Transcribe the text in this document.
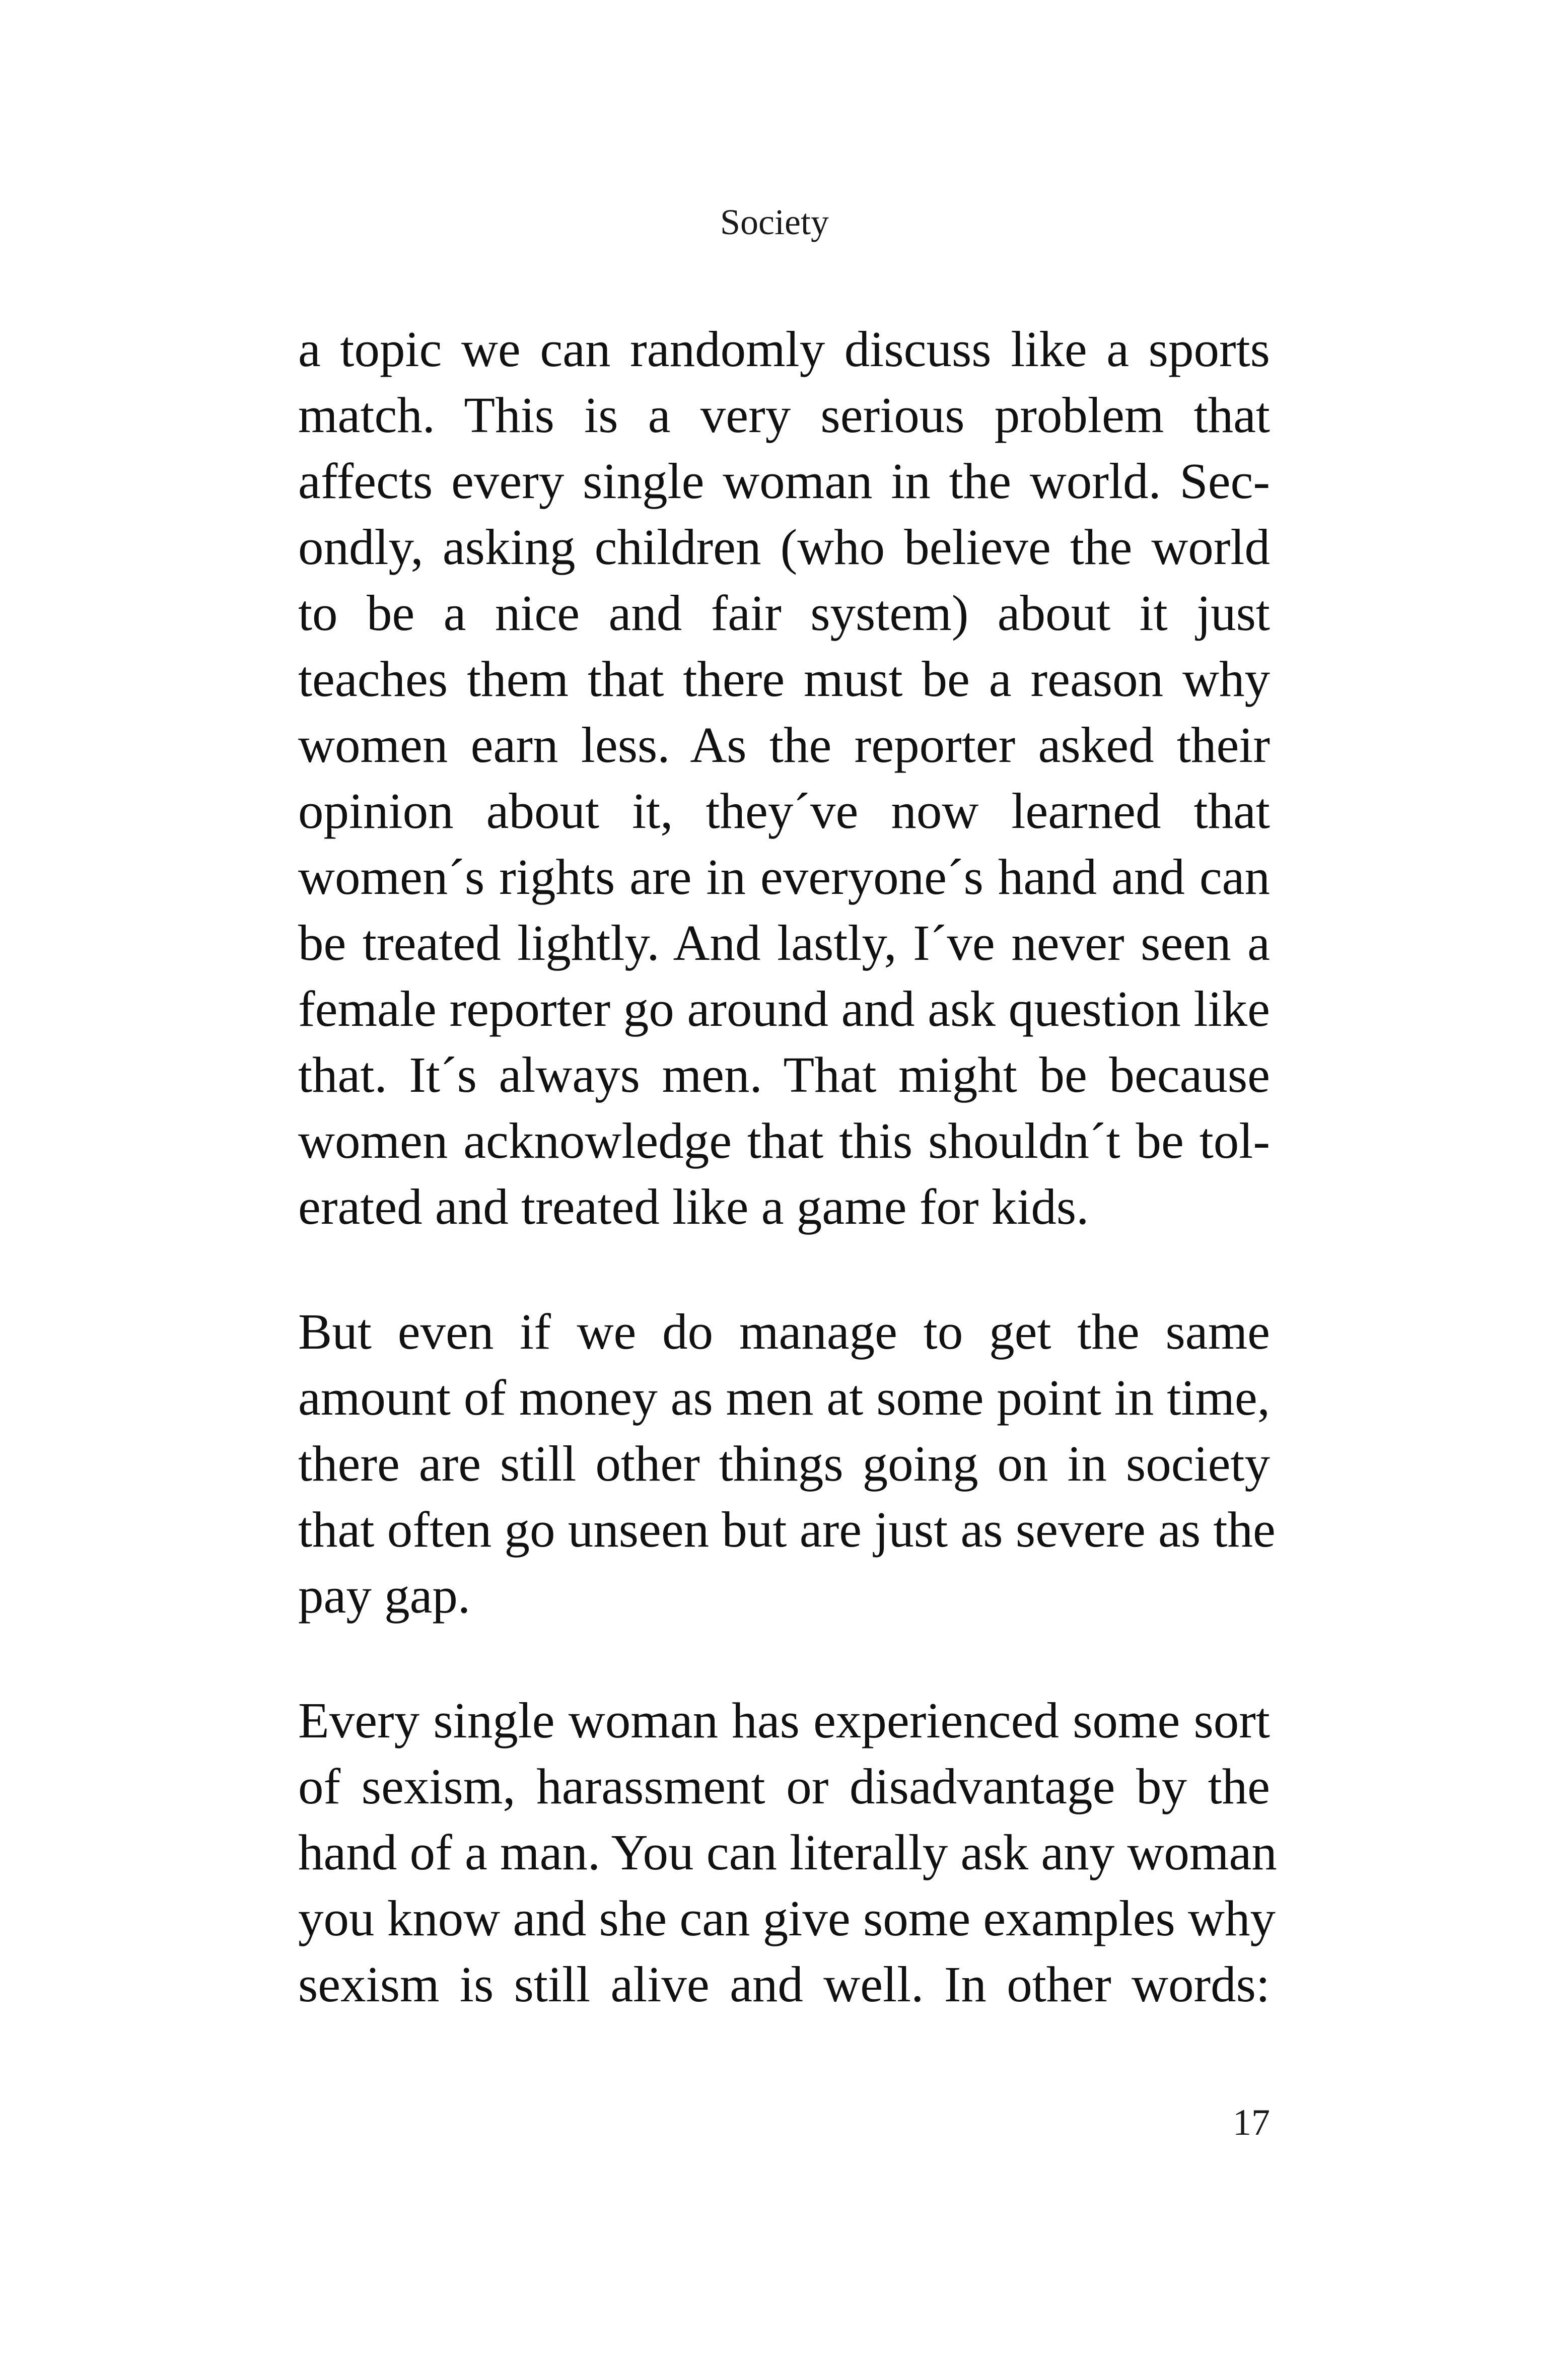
Society
a topic we can randomly discuss like a sports
match. This is a very serious problem that
affects every single woman in the world. Sec-
ondly, asking children (who believe the world
to be a nice and fair system) about it just
teaches them that there must be a reason why
women earn less. As the reporter asked their
opinion about it, they´ve now learned that
women´s rights are in everyone´s hand and can
be treated lightly. And lastly, I´ve never seen a
female reporter go around and ask question like
that. It´s always men. That might be because
women acknowledge that this shouldn´t be tol-
erated and treated like a game for kids.
But even if we do manage to get the same
amount of money as men at some point in time,
there are still other things going on in society
that often go unseen but are just as severe as the
pay gap.
Every single woman has experienced some sort
of sexism, harassment or disadvantage by the
hand of a man. You can literally ask any woman
you know and she can give some examples why
sexism is still alive and well. In other words:
17
